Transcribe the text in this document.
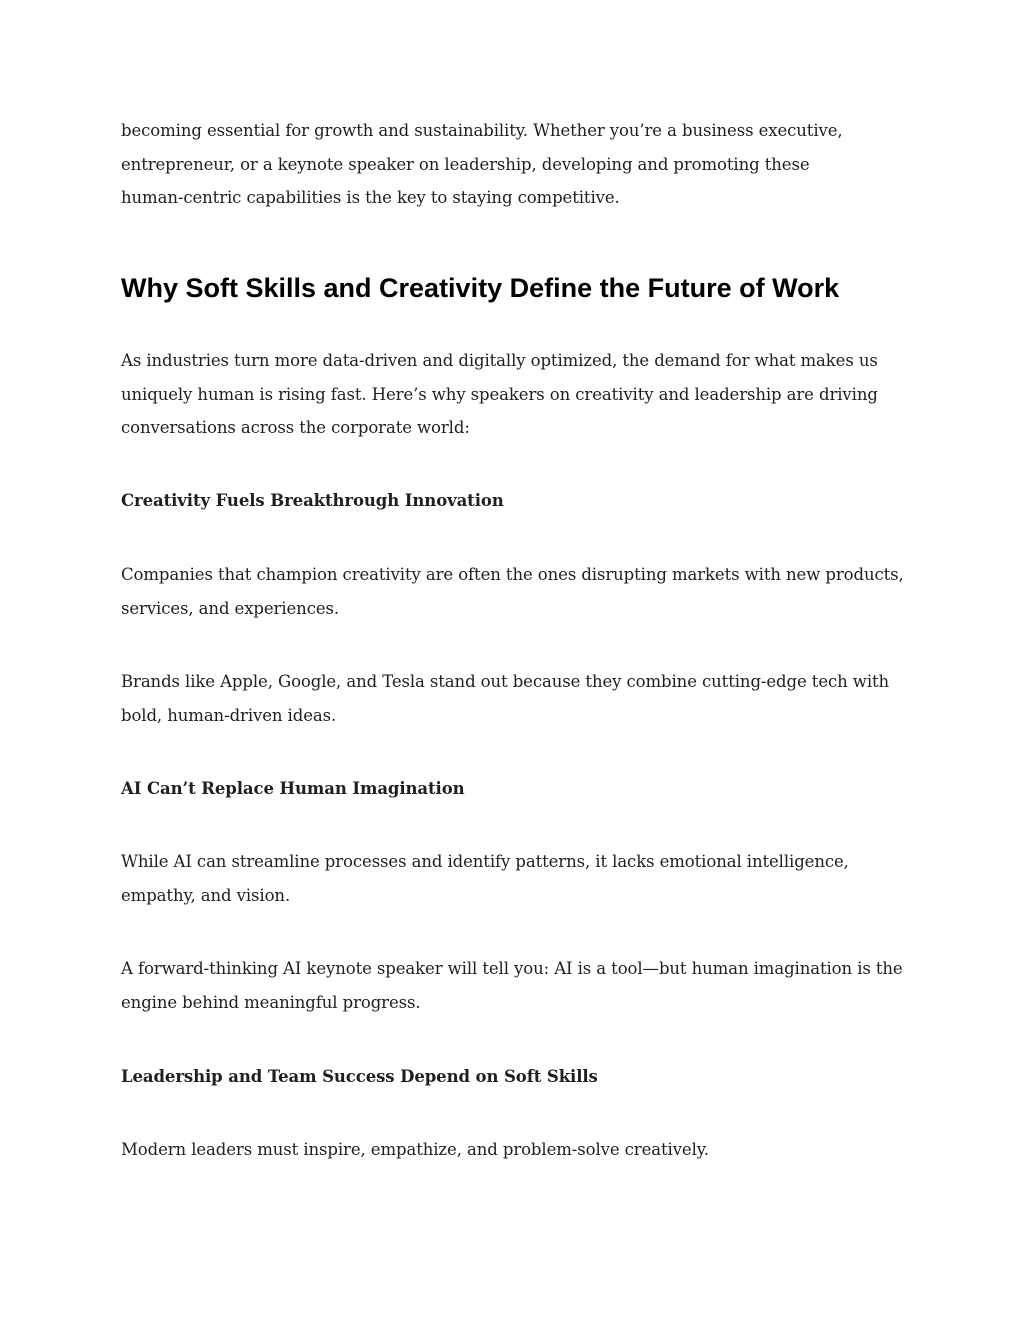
becoming essential for growth and sustainability. Whether you’re a business executive,
entrepreneur, or a keynote speaker on leadership, developing and promoting these
human-centric capabilities is the key to staying competitive.

Why Soft Skills and Creativity Define the Future of Work

As industries turn more data-driven and digitally optimized, the demand for what makes us
uniquely human is rising fast. Here’s why speakers on creativity and leadership are driving
conversations across the corporate world:

Creativity Fuels Breakthrough Innovation

Companies that champion creativity are often the ones disrupting markets with new products,
services, and experiences.

Brands like Apple, Google, and Tesla stand out because they combine cutting-edge tech with
bold, human-driven ideas.

AI Can’t Replace Human Imagination

While AI can streamline processes and identify patterns, it lacks emotional intelligence,
empathy, and vision.

A forward-thinking AI keynote speaker will tell you: AI is a tool—but human imagination is the
engine behind meaningful progress.

Leadership and Team Success Depend on Soft Skills

Modern leaders must inspire, empathize, and problem-solve creatively.
